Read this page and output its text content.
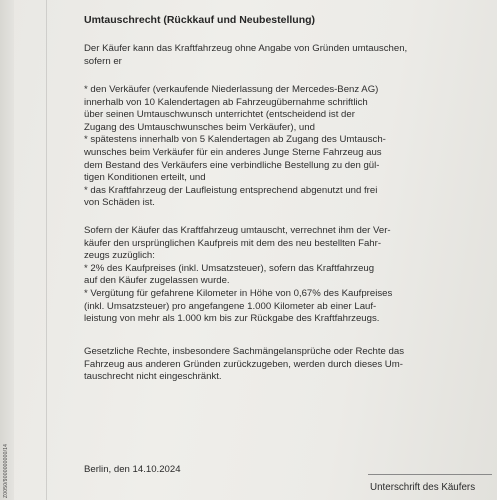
Z0050/9000000000/14
Umtauschrecht (Rückkauf und Neubestellung)
Der Käufer kann das Kraftfahrzeug ohne Angabe von Gründen umtauschen,
sofern er
* den Verkäufer (verkaufende Niederlassung der Mercedes-Benz AG)
innerhalb von 10 Kalendertagen ab Fahrzeugübernahme schriftlich
über seinen Umtauschwunsch unterrichtet (entscheidend ist der
Zugang des Umtauschwunsches beim Verkäufer), und
* spätestens innerhalb von 5 Kalendertagen ab Zugang des Umtausch-
wunsches beim Verkäufer für ein anderes Junge Sterne Fahrzeug aus
dem Bestand des Verkäufers eine verbindliche Bestellung zu den gül-
tigen Konditionen erteilt, und
* das Kraftfahrzeug der Laufleistung entsprechend abgenutzt und frei
von Schäden ist.
Sofern der Käufer das Kraftfahrzeug umtauscht, verrechnet ihm der Ver-
käufer den ursprünglichen Kaufpreis mit dem des neu bestellten Fahr-
zeugs zuzüglich:
* 2% des Kaufpreises (inkl. Umsatzsteuer), sofern das Kraftfahrzeug
auf den Käufer zugelassen wurde.
* Vergütung für gefahrene Kilometer in Höhe von 0,67% des Kaufpreises
(inkl. Umsatzsteuer) pro angefangene 1.000 Kilometer ab einer Lauf-
leistung von mehr als 1.000 km bis zur Rückgabe des Kraftfahrzeugs.
Gesetzliche Rechte, insbesondere Sachmängelansprüche oder Rechte das
Fahrzeug aus anderen Gründen zurückzugeben, werden durch dieses Um-
tauschrecht nicht eingeschränkt.
Berlin, den 14.10.2024
Unterschrift des Käufers
